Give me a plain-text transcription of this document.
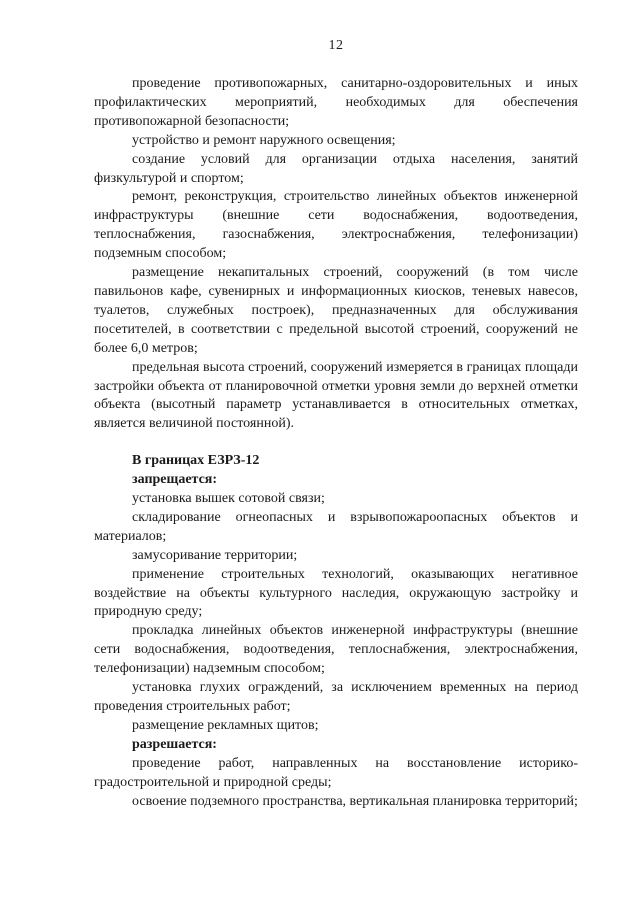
12

проведение противопожарных, санитарно-оздоровительных и иных профилактических мероприятий, необходимых для обеспечения противопожарной безопасности;

устройство и ремонт наружного освещения;

создание условий для организации отдыха населения, занятий физкультурой и спортом;

ремонт, реконструкция, строительство линейных объектов инженерной инфраструктуры (внешние сети водоснабжения, водоотведения, теплоснабжения, газоснабжения, электроснабжения, телефонизации) подземным способом;

размещение некапитальных строений, сооружений (в том числе павильонов кафе, сувенирных и информационных киосков, теневых навесов, туалетов, служебных построек), предназначенных для обслуживания посетителей, в соответствии с предельной высотой строений, сооружений не более 6,0 метров;

предельная высота строений, сооружений измеряется в границах площади застройки объекта от планировочной отметки уровня земли до верхней отметки объекта (высотный параметр устанавливается в относительных отметках, является величиной постоянной).

В границах ЕЗРЗ-12

запрещается:

установка вышек сотовой связи;

складирование огнеопасных и взрывопожароопасных объектов и материалов;

замусоривание территории;

применение строительных технологий, оказывающих негативное воздействие на объекты культурного наследия, окружающую застройку и природную среду;

прокладка линейных объектов инженерной инфраструктуры (внешние сети водоснабжения, водоотведения, теплоснабжения, электроснабжения, телефонизации) надземным способом;

установка глухих ограждений, за исключением временных на период проведения строительных работ;

размещение рекламных щитов;

разрешается:

проведение работ, направленных на восстановление историко-градостроительной и природной среды;

освоение подземного пространства, вертикальная планировка территорий;
